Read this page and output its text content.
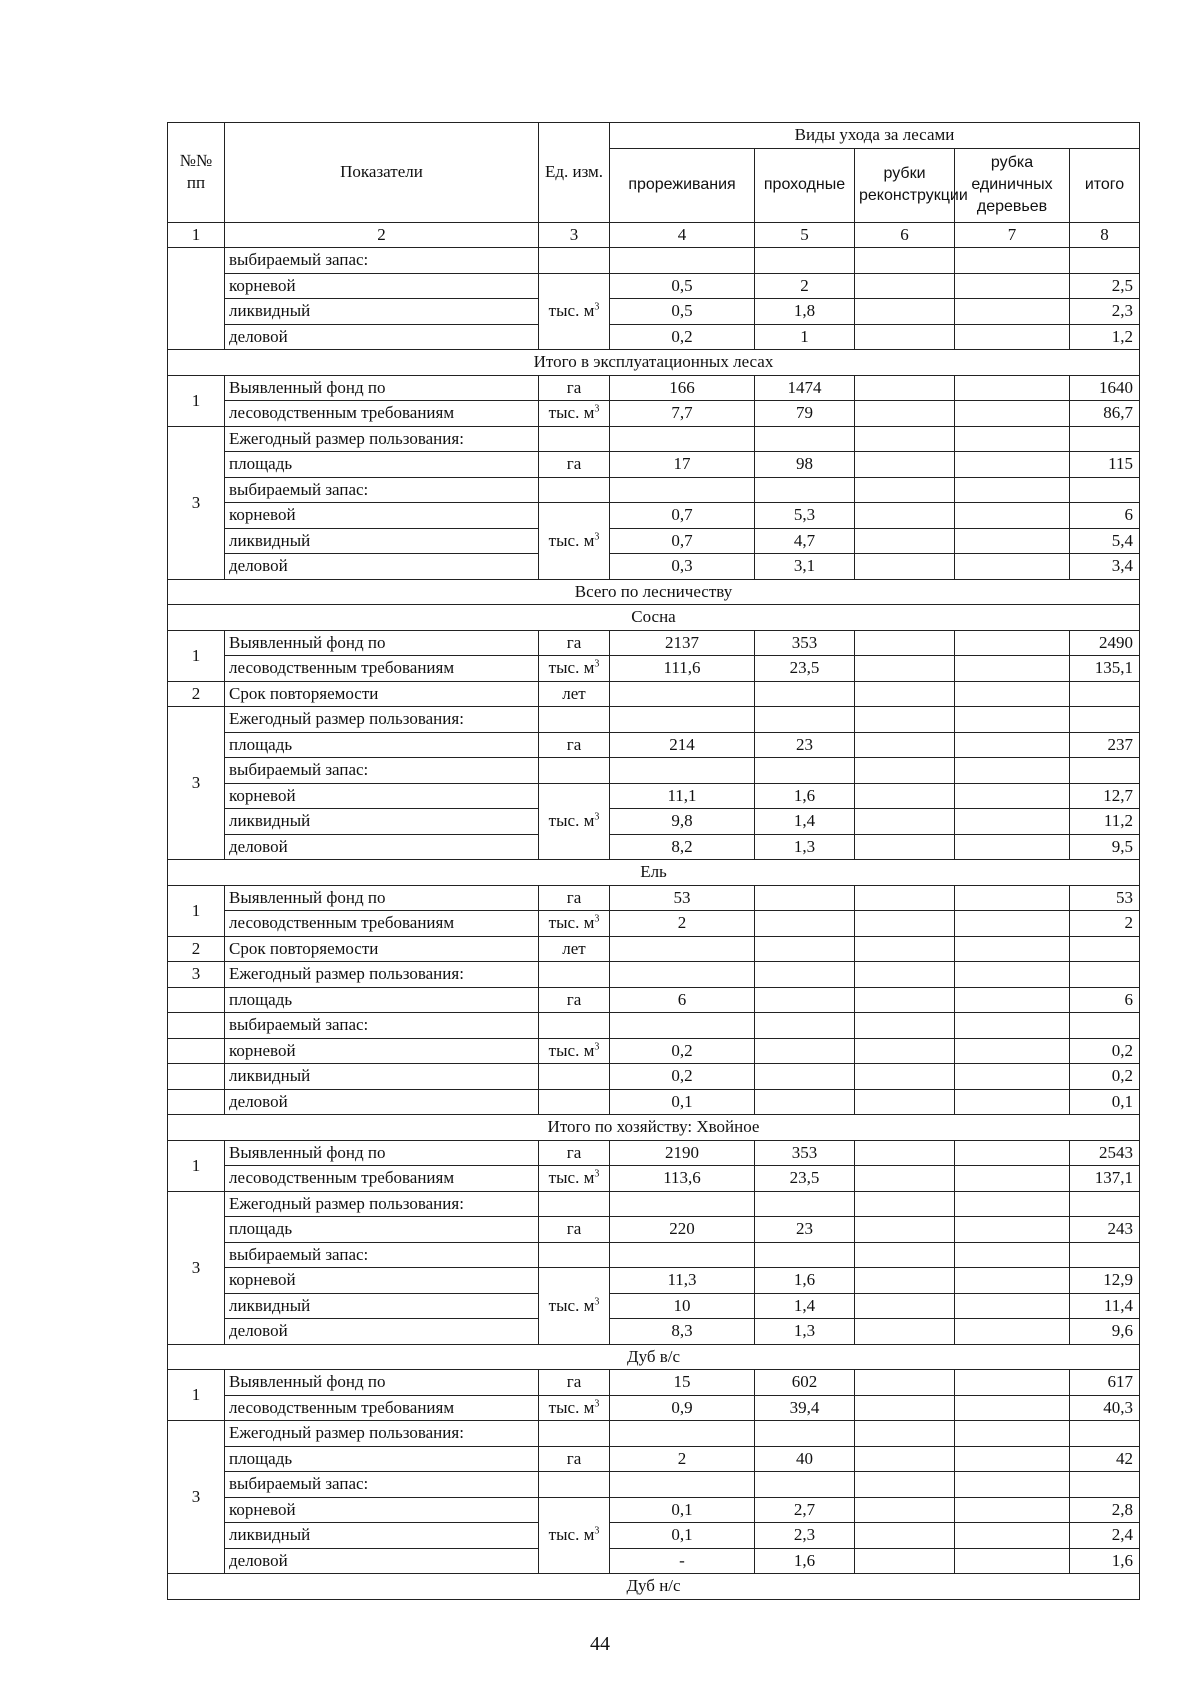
№№ пп	Показатели	Ед. изм.	Виды ухода за лесами				
			прореживания	проходные	рубки реконструкции	рубка единичных деревьев	итого
1	2	3	4	5	6	7	8
	выбираемый запас:						
	корневой	тыс. $м^3$	0,5	2			2,5
	ликвидный		0,5	1,8			2,3
	деловой		0,2	1			1,2
Итого в эксплуатационных лесах							
1	Выявленный фонд по	га	166	1474			1640
	лесоводственным требованиям	тыс. $м^3$	7,7	79			86,7
3	Ежегодный размер пользования:						
	площадь	га	17	98			115
	выбираемый запас:						
	корневой	тыс. $м^3$	0,7	5,3			6
	ликвидный		0,7	4,7			5,4
	деловой		0,3	3,1			3,4
Всего по лесничеству							
Сосна							
1	Выявленный фонд по	га	2137	353			2490
	лесоводственным требованиям	тыс. $м^3$	111,6	23,5			135,1
2	Срок повторяемости	лет					
3	Ежегодный размер пользования:						
	площадь	га	214	23			237
	выбираемый запас:						
	корневой	тыс. $м^3$	11,1	1,6			12,7
	ликвидный		9,8	1,4			11,2
	деловой		8,2	1,3			9,5
Ель							
1	Выявленный фонд по	га	53				53
	лесоводственным требованиям	тыс. $м^3$	2				2
2	Срок повторяемости	лет					
3	Ежегодный размер пользования:						
	площадь	га	6				6
	выбираемый запас:						
	корневой	тыс. $м^3$	0,2				0,2
	ликвидный		0,2				0,2
	деловой		0,1				0,1
Итого по хозяйству: Хвойное							
1	Выявленный фонд по	га	2190	353			2543
	лесоводственным требованиям	тыс. $м^3$	113,6	23,5			137,1
3	Ежегодный размер пользования:						
	площадь	га	220	23			243
	выбираемый запас:						
	корневой	тыс. $м^3$	11,3	1,6			12,9
	ликвидный		10	1,4			11,4
	деловой		8,3	1,3			9,6
Дуб в/с							
1	Выявленный фонд по	га	15	602			617
	лесоводственным требованиям	тыс. $м^3$	0,9	39,4			40,3
3	Ежегодный размер пользования:						
	площадь	га	2	40			42
	выбираемый запас:						
	корневой	тыс. $м^3$	0,1	2,7			2,8
	ликвидный		0,1	2,3			2,4
	деловой		-	1,6			1,6
Дуб н/с							
44
